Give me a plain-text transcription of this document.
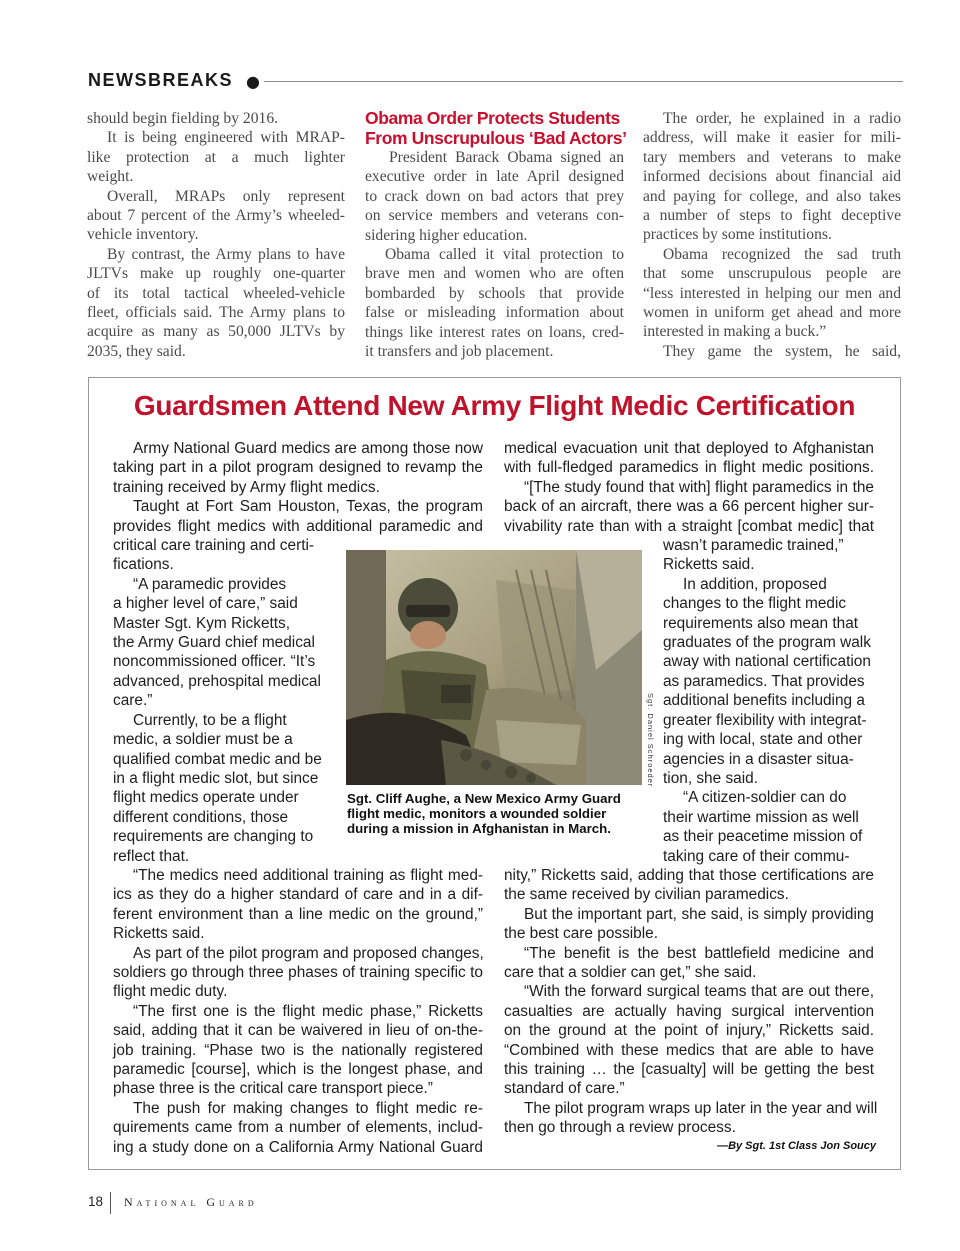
NEWSBREAKS ●
should begin fielding by 2016.
It is being engineered with MRAP-
like protection at a much lighter
weight.
Overall, MRAPs only represent
about 7 percent of the Army’s wheeled-
vehicle inventory.
By contrast, the Army plans to have
JLTVs make up roughly one-quarter
of its total tactical wheeled-vehicle
fleet, officials said. The Army plans to
acquire as many as 50,000 JLTVs by
2035, they said.
Obama Order Protects Students
From Unscrupulous ‘Bad Actors’
President Barack Obama signed an
executive order in late April designed
to crack down on bad actors that prey
on service members and veterans con-
sidering higher education.
Obama called it vital protection to
brave men and women who are often
bombarded by schools that provide
false or misleading information about
things like interest rates on loans, cred-
it transfers and job placement.
The order, he explained in a radio
address, will make it easier for mili-
tary members and veterans to make
informed decisions about financial aid
and paying for college, and also takes
a number of steps to fight deceptive
practices by some institutions.
Obama recognized the sad truth
that some unscrupulous people are
“less interested in helping our men and
women in uniform get ahead and more
interested in making a buck.”
They game the system, he said,
Guardsmen Attend New Army Flight Medic Certification
Army National Guard medics are among those now
taking part in a pilot program designed to revamp the
training received by Army flight medics.
Taught at Fort Sam Houston, Texas, the program
provides flight medics with additional paramedic and
critical care training and certi-
fications.
“A paramedic provides
a higher level of care,” said
Master Sgt. Kym Ricketts,
the Army Guard chief medical
noncommissioned officer. “It’s
advanced, prehospital medical
care.”
Currently, to be a flight
medic, a soldier must be a
qualified combat medic and be
in a flight medic slot, but since
flight medics operate under
different conditions, those
requirements are changing to
reflect that.
“The medics need additional training as flight med-
ics as they do a higher standard of care and in a dif-
ferent environment than a line medic on the ground,”
Ricketts said.
As part of the pilot program and proposed changes,
soldiers go through three phases of training specific to
flight medic duty.
“The first one is the flight medic phase,” Ricketts
said, adding that it can be waivered in lieu of on-the-
job training. “Phase two is the nationally registered
paramedic [course], which is the longest phase, and
phase three is the critical care transport piece.”
The push for making changes to flight medic re-
quirements came from a number of elements, includ-
ing a study done on a California Army National Guard
medical evacuation unit that deployed to Afghanistan
with full-fledged paramedics in flight medic positions.
“[The study found that with] flight paramedics in the
back of an aircraft, there was a 66 percent higher sur-
vivability rate than with a straight [combat medic] that
wasn’t paramedic trained,”
Ricketts said.
In addition, proposed
changes to the flight medic
requirements also mean that
graduates of the program walk
away with national certification
as paramedics. That provides
additional benefits including a
greater flexibility with integrat-
ing with local, state and other
agencies in a disaster situa-
tion, she said.
“A citizen-soldier can do
their wartime mission as well
as their peacetime mission of
taking care of their commu-
nity,” Ricketts said, adding that those certifications are
the same received by civilian paramedics.
But the important part, she said, is simply providing
the best care possible.
“The benefit is the best battlefield medicine and
care that a soldier can get,” she said.
“With the forward surgical teams that are out there,
casualties are actually having surgical intervention
on the ground at the point of injury,” Ricketts said.
“Combined with these medics that are able to have
this training … the [casualty] will be getting the best
standard of care.”
The pilot program wraps up later in the year and will
then go through a review process.
Sgt. Daniel Schroeder
Sgt. Cliff Aughe, a New Mexico Army Guard flight medic, monitors a wounded soldier during a mission in Afghanistan in March.
—By Sgt. 1st Class Jon Soucy
18 National Guard
